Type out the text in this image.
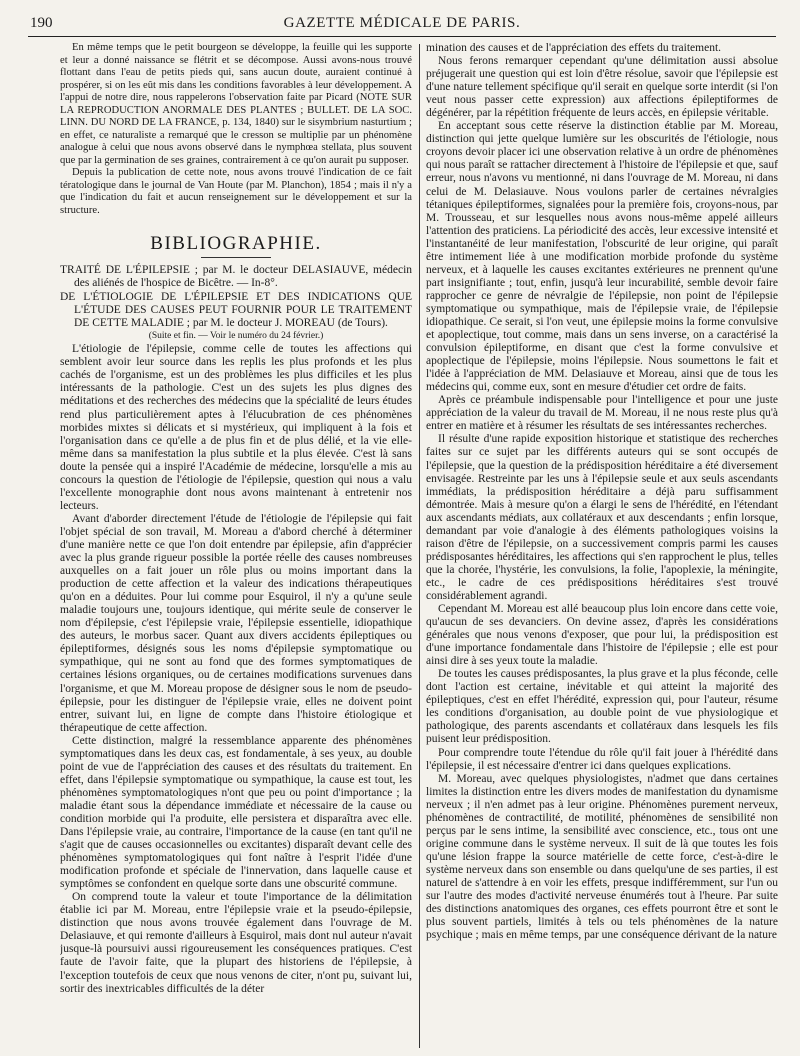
190	GAZETTE MÉDICALE DE PARIS.

En même temps que le petit bourgeon se développe, la feuille qui les supporte et leur a donné naissance se flétrit et se décompose. Aussi avons-nous trouvé flottant dans l'eau de petits pieds qui, sans aucun doute, auraient continué à prospérer, si on les eût mis dans les conditions favorables à leur développement. A l'appui de notre dire, nous rappelerons l'observation faite par Picard (NOTE SUR LA REPRODUCTION ANORMALE DES PLANTES ; BULLET. DE LA SOC. LINN. DU NORD DE LA FRANCE, p. 134, 1840) sur le sisymbrium nasturtium ; en effet, ce naturaliste a remarqué que le cresson se multiplie par un phénomène analogue à celui que nous avons observé dans le nymphœa stellata, plus souvent que par la germination de ses graines, contrairement à ce qu'on aurait pu supposer.

Depuis la publication de cette note, nous avons trouvé l'indication de ce fait tératologique dans le journal de Van Houte (par M. Planchon), 1854 ; mais il n'y a que l'indication du fait et aucun renseignement sur le développement et sur la structure.

BIBLIOGRAPHIE.

TRAITÉ DE L'ÉPILEPSIE ; par M. le docteur DELASIAUVE, médecin des aliénés de l'hospice de Bicêtre. — In-8°.

DE L'ÉTIOLOGIE DE L'ÉPILEPSIE ET DES INDICATIONS QUE L'ÉTUDE DES CAUSES PEUT FOURNIR POUR LE TRAITEMENT DE CETTE MALADIE ; par M. le docteur J. MOREAU (de Tours).

(Suite et fin. — Voir le numéro du 24 février.)

L'étiologie de l'épilepsie, comme celle de toutes les affections qui semblent avoir leur source dans les replis les plus profonds et les plus cachés de l'organisme, est un des problèmes les plus difficiles et les plus intéressants de la pathologie. C'est un des sujets les plus dignes des méditations et des recherches des médecins que la spécialité de leurs études rend plus particulièrement aptes à l'élucubration de ces phénomènes morbides mixtes si délicats et si mystérieux, qui impliquent à la fois et l'organisation dans ce qu'elle a de plus fin et de plus délié, et la vie elle-même dans sa manifestation la plus subtile et la plus élevée. C'est là sans doute la pensée qui a inspiré l'Académie de médecine, lorsqu'elle a mis au concours la question de l'étiologie de l'épilepsie, question qui nous a valu l'excellente monographie dont nous avons maintenant à entretenir nos lecteurs.

Avant d'aborder directement l'étude de l'étiologie de l'épilepsie qui fait l'objet spécial de son travail, M. Moreau a d'abord cherché à déterminer d'une manière nette ce que l'on doit entendre par épilepsie, afin d'apprécier avec la plus grande rigueur possible la portée réelle des causes nombreuses auxquelles on a fait jouer un rôle plus ou moins important dans la production de cette affection et la valeur des indications thérapeutiques qu'on en a déduites. Pour lui comme pour Esquirol, il n'y a qu'une seule maladie toujours une, toujours identique, qui mérite seule de conserver le nom d'épilepsie, c'est l'épilepsie vraie, l'épilepsie essentielle, idiopathique des auteurs, le morbus sacer. Quant aux divers accidents épileptiques ou épileptiformes, désignés sous les noms d'épilepsie symptomatique ou sympathique, qui ne sont au fond que des formes symptomatiques de certaines lésions organiques, ou de certaines modifications survenues dans l'organisme, et que M. Moreau propose de désigner sous le nom de pseudo-épilepsie, pour les distinguer de l'épilepsie vraie, elles ne doivent point entrer, suivant lui, en ligne de compte dans l'histoire étiologique et thérapeutique de cette affection.

Cette distinction, malgré la ressemblance apparente des phénomènes symptomatiques dans les deux cas, est fondamentale, à ses yeux, au double point de vue de l'appréciation des causes et des résultats du traitement. En effet, dans l'épilepsie symptomatique ou sympathique, la cause est tout, les phénomènes symptomatologiques n'ont que peu ou point d'importance ; la maladie étant sous la dépendance immédiate et nécessaire de la cause ou condition morbide qui l'a produite, elle persistera et disparaîtra avec elle. Dans l'épilepsie vraie, au contraire, l'importance de la cause (en tant qu'il ne s'agit que de causes occasionnelles ou excitantes) disparaît devant celle des phénomènes symptomatologiques qui font naître à l'esprit l'idée d'une modification profonde et spéciale de l'innervation, dans laquelle cause et symptômes se confondent en quelque sorte dans une obscurité commune.

On comprend toute la valeur et toute l'importance de la délimitation établie ici par M. Moreau, entre l'épilepsie vraie et la pseudo-épilepsie, distinction que nous avons trouvée également dans l'ouvrage de M. Delasiauve, et qui remonte d'ailleurs à Esquirol, mais dont nul auteur n'avait jusque-là poursuivi aussi rigoureusement les conséquences pratiques. C'est faute de l'avoir faite, que la plupart des historiens de l'épilepsie, à l'exception toutefois de ceux que nous venons de citer, n'ont pu, suivant lui, sortir des inextricables difficultés de la déter

mination des causes et de l'appréciation des effets du traitement.

Nous ferons remarquer cependant qu'une délimitation aussi absolue préjugerait une question qui est loin d'être résolue, savoir que l'épilepsie est d'une nature tellement spécifique qu'il serait en quelque sorte interdit (si l'on veut nous passer cette expression) aux affections épileptiformes de dégénérer, par la répétition fréquente de leurs accès, en épilepsie véritable.

En acceptant sous cette réserve la distinction établie par M. Moreau, distinction qui jette quelque lumière sur les obscurités de l'étiologie, nous croyons devoir placer ici une observation relative à un ordre de phénomènes qui nous paraît se rattacher directement à l'histoire de l'épilepsie et que, sauf erreur, nous n'avons vu mentionné, ni dans l'ouvrage de M. Moreau, ni dans celui de M. Delasiauve. Nous voulons parler de certaines névralgies tétaniques épileptiformes, signalées pour la première fois, croyons-nous, par M. Trousseau, et sur lesquelles nous avons nous-même appelé ailleurs l'attention des praticiens. La périodicité des accès, leur excessive intensité et l'instantanéité de leur manifestation, l'obscurité de leur origine, qui paraît être intimement liée à une modification morbide profonde du système nerveux, et à laquelle les causes excitantes extérieures ne prennent qu'une part insignifiante ; tout, enfin, jusqu'à leur incurabilité, semble devoir faire rapprocher ce genre de névralgie de l'épilepsie, non point de l'épilepsie symptomatique ou sympathique, mais de l'épilepsie vraie, de l'épilepsie idiopathique. Ce serait, si l'on veut, une épilepsie moins la forme convulsive et apoplectique, tout comme, mais dans un sens inverse, on a caractérisé la convulsion épileptiforme, en disant que c'est la forme convulsive et apoplectique de l'épilepsie, moins l'épilepsie. Nous soumettons le fait et l'idée à l'appréciation de MM. Delasiauve et Moreau, ainsi que de tous les médecins qui, comme eux, sont en mesure d'étudier cet ordre de faits.

Après ce préambule indispensable pour l'intelligence et pour une juste appréciation de la valeur du travail de M. Moreau, il ne nous reste plus qu'à entrer en matière et à résumer les résultats de ses intéressantes recherches.

Il résulte d'une rapide exposition historique et statistique des recherches faites sur ce sujet par les différents auteurs qui se sont occupés de l'épilepsie, que la question de la prédisposition héréditaire a été diversement envisagée. Restreinte par les uns à l'épilepsie seule et aux seuls ascendants immédiats, la prédisposition héréditaire a déjà paru suffisamment démontrée. Mais à mesure qu'on a élargi le sens de l'hérédité, en l'étendant aux ascendants médiats, aux collatéraux et aux descendants ; enfin lorsque, demandant par voie d'analogie à des éléments pathologiques voisins la raison d'être de l'épilepsie, on a successivement compris parmi les causes prédisposantes héréditaires, les affections qui s'en rapprochent le plus, telles que la chorée, l'hystérie, les convulsions, la folie, l'apoplexie, la méningite, etc., le cadre de ces prédispositions héréditaires s'est trouvé considérablement agrandi.

Cependant M. Moreau est allé beaucoup plus loin encore dans cette voie, qu'aucun de ses devanciers. On devine assez, d'après les considérations générales que nous venons d'exposer, que pour lui, la prédisposition est d'une importance fondamentale dans l'histoire de l'épilepsie ; elle est pour ainsi dire à ses yeux toute la maladie.

De toutes les causes prédisposantes, la plus grave et la plus féconde, celle dont l'action est certaine, inévitable et qui atteint la majorité des épileptiques, c'est en effet l'hérédité, expression qui, pour l'auteur, résume les conditions d'organisation, au double point de vue physiologique et pathologique, des parents ascendants et collatéraux dans lesquels les fils puisent leur prédisposition.

Pour comprendre toute l'étendue du rôle qu'il fait jouer à l'hérédité dans l'épilepsie, il est nécessaire d'entrer ici dans quelques explications.

M. Moreau, avec quelques physiologistes, n'admet que dans certaines limites la distinction entre les divers modes de manifestation du dynamisme nerveux ; il n'en admet pas à leur origine. Phénomènes purement nerveux, phénomènes de contractilité, de motilité, phénomènes de sensibilité non perçus par le sens intime, la sensibilité avec conscience, etc., tous ont une origine commune dans le système nerveux. Il suit de là que toutes les fois qu'une lésion frappe la source matérielle de cette force, c'est-à-dire le système nerveux dans son ensemble ou dans quelqu'une de ses parties, il est naturel de s'attendre à en voir les effets, presque indifféremment, sur l'un ou sur l'autre des modes d'activité nerveuse énumérés tout à l'heure. Par suite des distinctions anatomiques des organes, ces effets pourront être et sont le plus souvent partiels, limités à tels ou tels phénomènes de la nature psychique ; mais en même temps, par une conséquence dérivant de la nature
